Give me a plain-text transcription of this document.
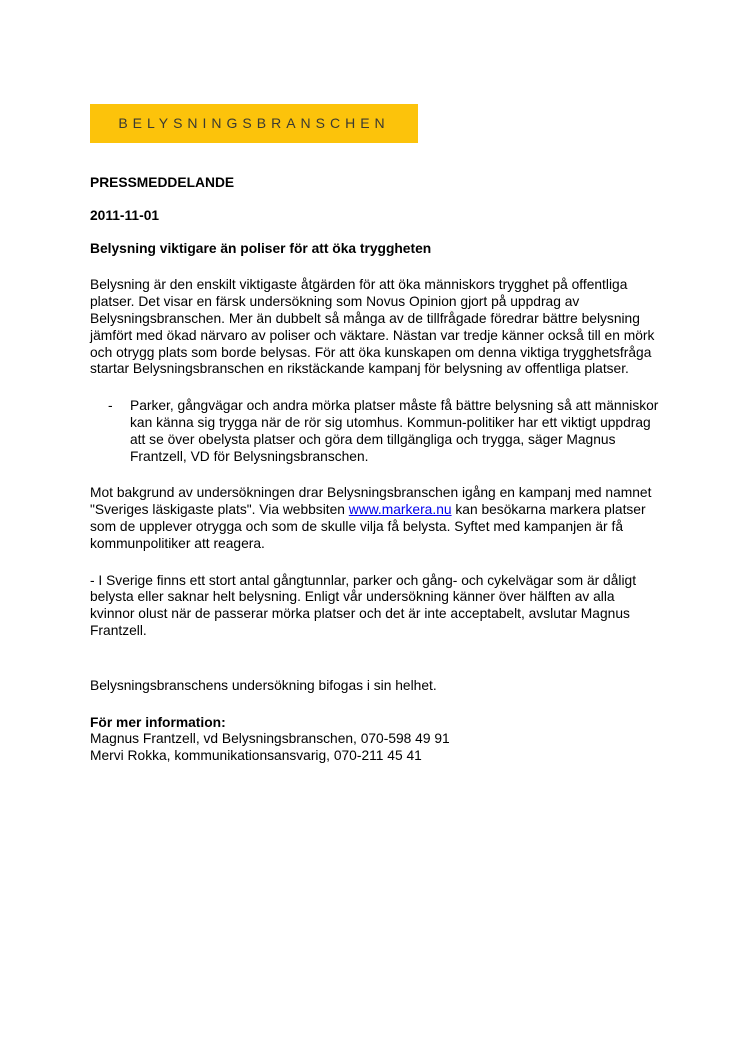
BELYSNINGSBRANSCHEN

PRESSMEDDELANDE

2011-11-01

Belysning viktigare än poliser för att öka tryggheten

Belysning är den enskilt viktigaste åtgärden för att öka människors trygghet på offentliga platser. Det visar en färsk undersökning som Novus Opinion gjort på uppdrag av Belysningsbranschen. Mer än dubbelt så många av de tillfrågade föredrar bättre belysning jämfört med ökad närvaro av poliser och väktare. Nästan var tredje känner också till en mörk och otrygg plats som borde belysas. För att öka kunskapen om denna viktiga trygghetsfråga startar Belysningsbranschen en rikstäckande kampanj för belysning av offentliga platser.

-	Parker, gångvägar och andra mörka platser måste få bättre belysning så att människor kan känna sig trygga när de rör sig utomhus. Kommun-politiker har ett viktigt uppdrag att se över obelysta platser och göra dem tillgängliga och trygga, säger Magnus Frantzell, VD för Belysningsbranschen.

Mot bakgrund av undersökningen drar Belysningsbranschen igång en kampanj med namnet "Sveriges läskigaste plats". Via webbsiten www.markera.nu kan besökarna markera platser som de upplever otrygga och som de skulle vilja få belysta. Syftet med kampanjen är få kommunpolitiker att reagera.

- I Sverige finns ett stort antal gångtunnlar, parker och gång- och cykelvägar som är dåligt belysta eller saknar helt belysning. Enligt vår undersökning känner över hälften av alla kvinnor olust när de passerar mörka platser och det är inte acceptabelt, avslutar Magnus Frantzell.

Belysningsbranschens undersökning bifogas i sin helhet.

För mer information:

Magnus Frantzell, vd Belysningsbranschen, 070-598 49 91

Mervi Rokka, kommunikationsansvarig, 070-211 45 41
